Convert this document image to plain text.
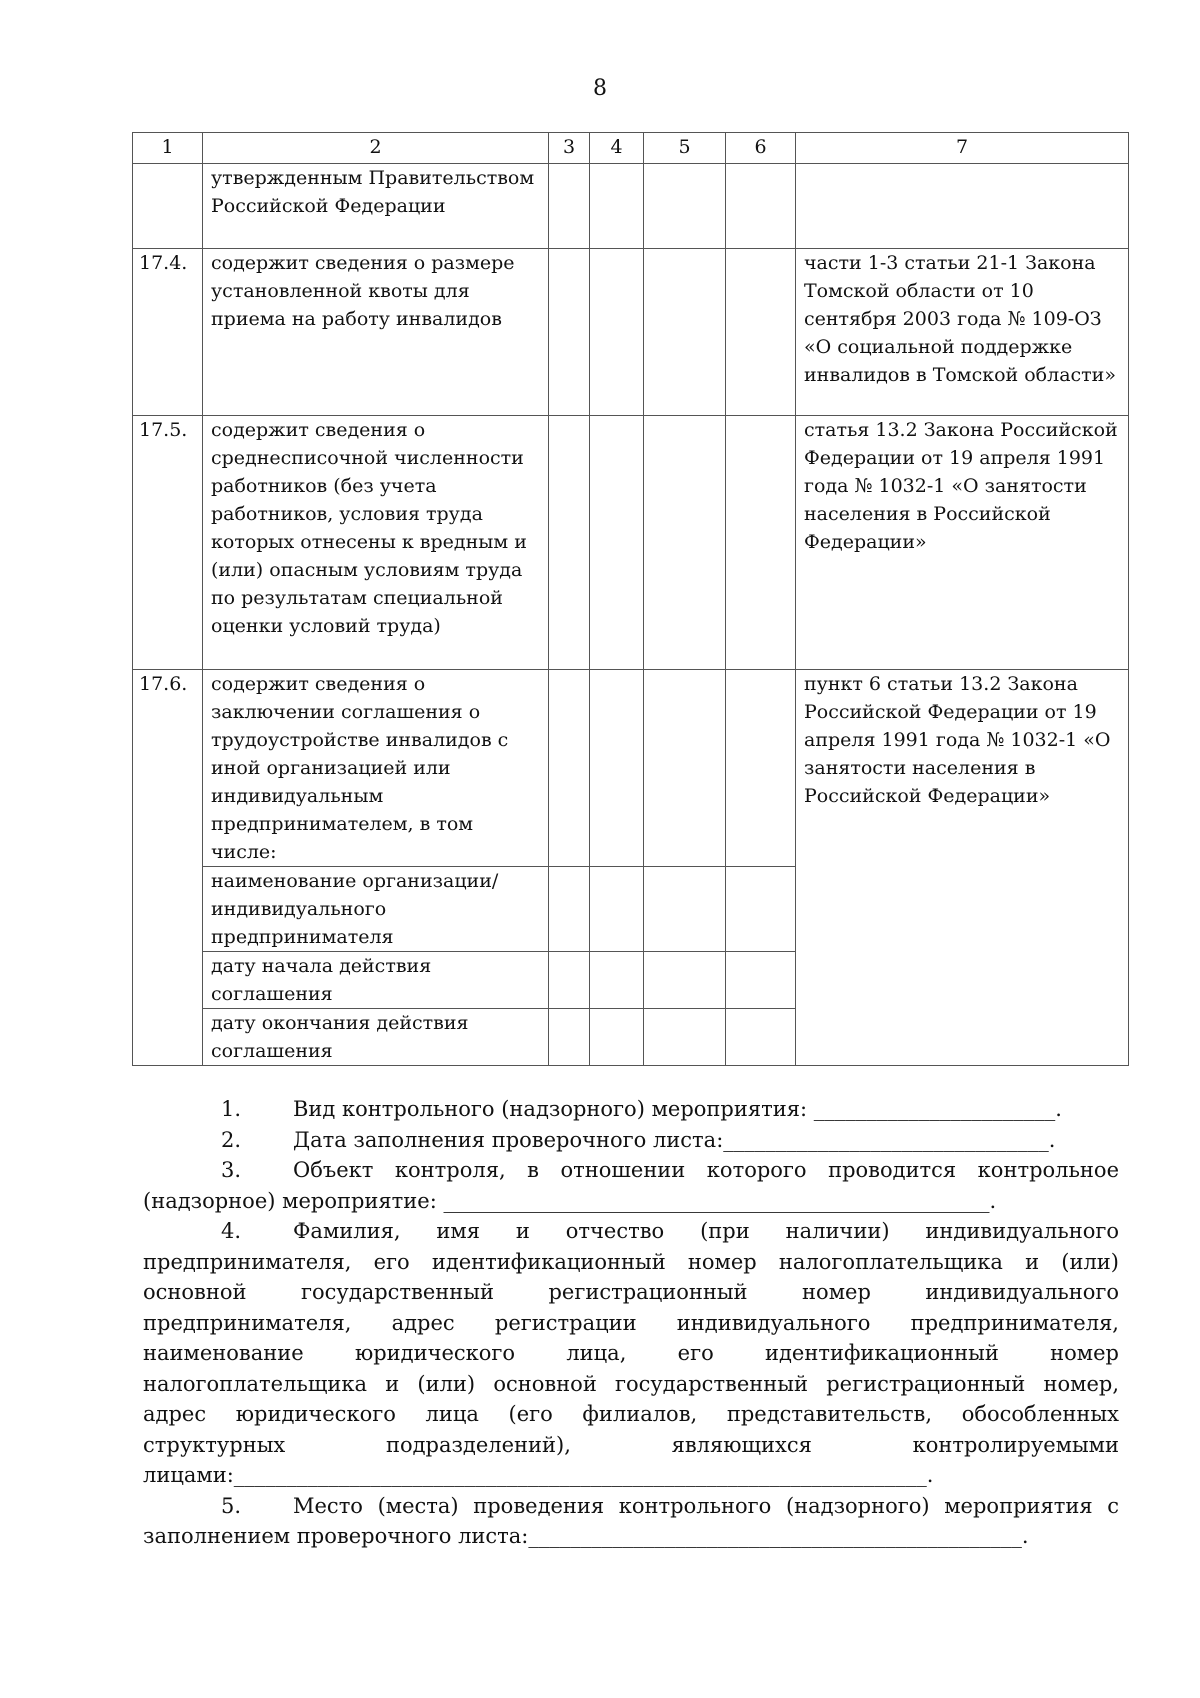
8
1	2	3	4	5	6	7
	утвержденным Правительством Российской Федерации					
17.4.	содержит сведения о размере установленной квоты для приема на работу инвалидов					части 1-3 статьи 21-1 Закона Томской области от 10 сентября 2003 года № 109-ОЗ «О социальной поддержке инвалидов в Томской области»
17.5.	содержит сведения о среднесписочной численности работников (без учета работников, условия труда которых отнесены к вредным и (или) опасным условиям труда по результатам специальной оценки условий труда)					статья 13.2 Закона Российской Федерации от 19 апреля 1991 года № 1032-1 «О занятости населения в Российской Федерации»
17.6.	содержит сведения о заключении соглашения о трудоустройстве инвалидов с иной организацией или индивидуальным предпринимателем, в том числе:					пункт 6 статьи 13.2 Закона Российской Федерации от 19 апреля 1991 года № 1032-1 «О занятости населения в Российской Федерации»
	наименование организации/индивидуального предпринимателя					
	дату начала действия соглашения					
	дату окончания действия соглашения					

1. Вид контрольного (надзорного) мероприятия: _______________________.

2. Дата заполнения проверочного листа:_______________________________.

3. Объект контроля, в отношении которого проводится контрольное (надзорное) мероприятие: ____________________________________________________.

4. Фамилия, имя и отчество (при наличии) индивидуального предпринимателя, его идентификационный номер налогоплательщика и (или) основной государственный регистрационный номер индивидуального предпринимателя, адрес регистрации индивидуального предпринимателя, наименование юридического лица, его идентификационный номер налогоплательщика и (или) основной государственный регистрационный номер, адрес юридического лица (его филиалов, представительств, обособленных структурных подразделений), являющихся контролируемыми лицами:__________________________________________________________________.

5. Место (места) проведения контрольного (надзорного) мероприятия с заполнением проверочного листа:_______________________________________________.
